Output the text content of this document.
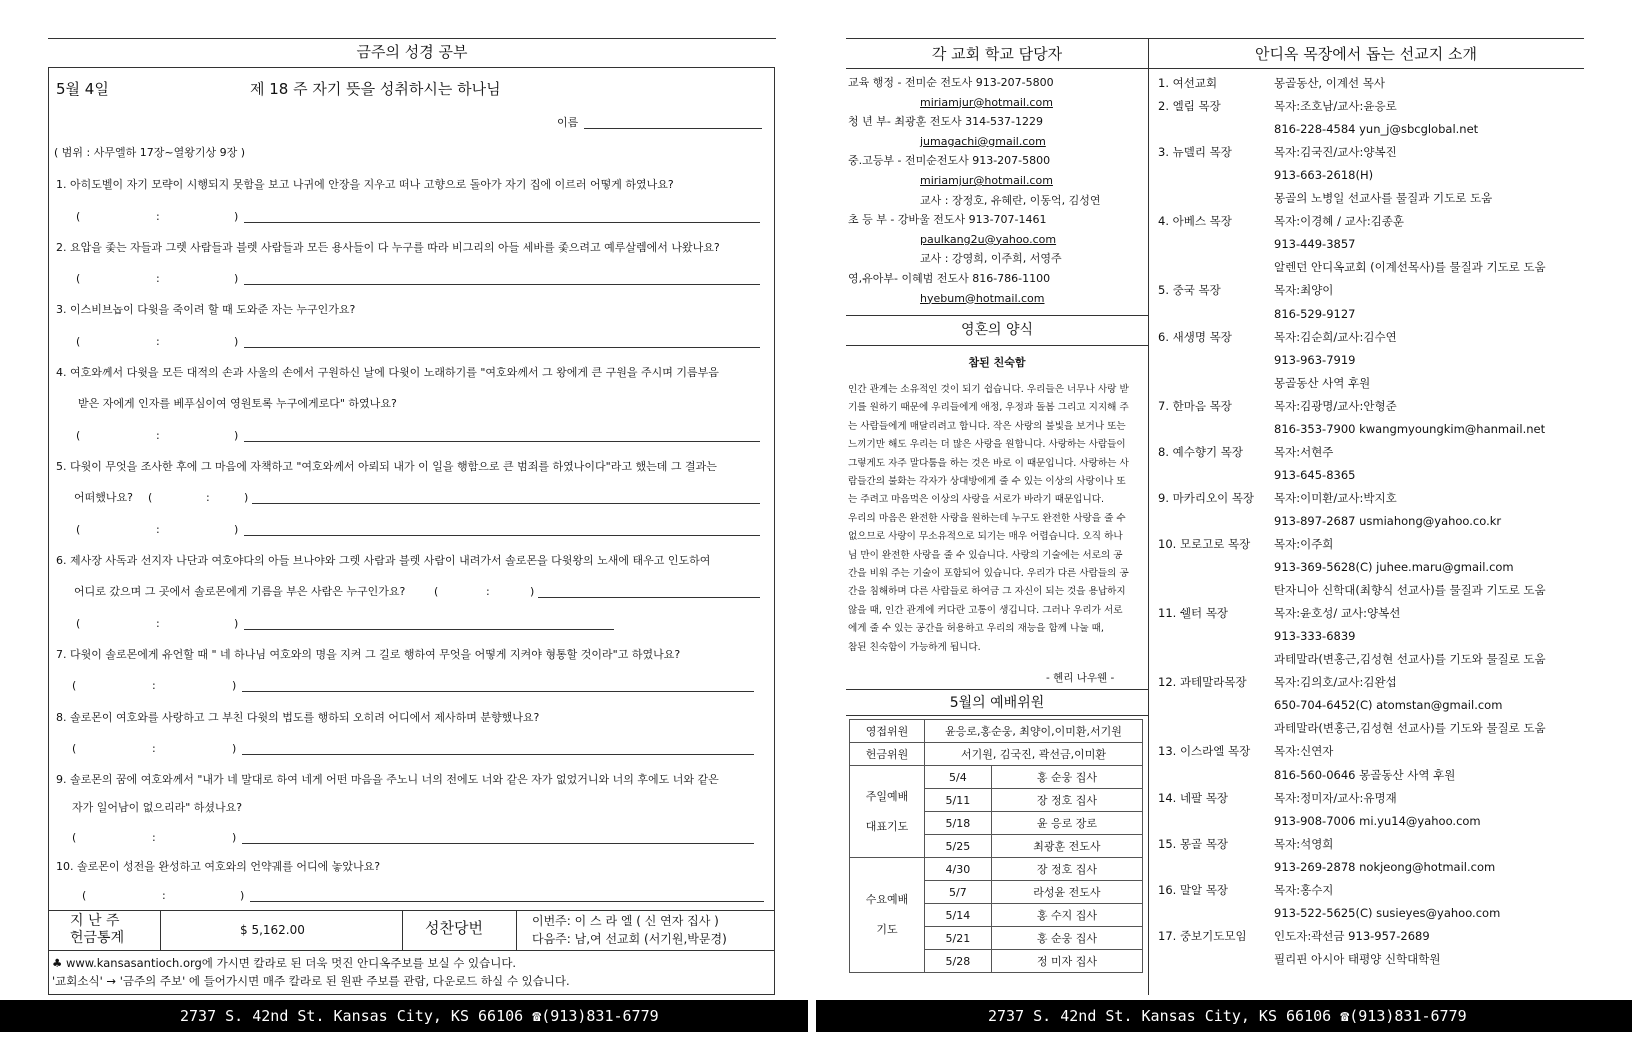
금주의 성경 공부
5월 4일	제 18 주 자기 뜻을 성취하시는 하나님
이름
( 범위 : 사무엘하 17장~열왕기상 9장 )
1. 아히도벨이 자기 모략이 시행되지 못함을 보고 나귀에 안장을 지우고 떠나 고향으로 돌아가 자기 집에 이르러 어떻게 하였나요?
(	:	)
2. 요압을 좇는 자들과 그렛 사람들과 블렛 사람들과 모든 용사들이 다 누구를 따라 비그리의 아들 세바를 좇으려고 예루살렘에서 나왔나요?
(	:	)
3. 이스비브놉이 다윗을 죽이려 할 때 도와준 자는 누구인가요?
(	:	)
4. 여호와께서 다윗을 모든 대적의 손과 사울의 손에서 구원하신 날에 다윗이 노래하기를 "여호와께서 그 왕에게 큰 구원을 주시며 기름부음
받은 자에게 인자를 베푸심이여 영원토록 누구에게로다" 하였나요?
(	:	)
5. 다윗이 무엇을 조사한 후에 그 마음에 자책하고 "여호와께서 아뢰되 내가 이 일을 행함으로 큰 범죄를 하였나이다"라고 했는데 그 결과는
어떠했나요? (	:	)
(	:	)
6. 제사장 사독과 선지자 나단과 여호야다의 아들 브나야와 그렛 사람과 블렛 사람이 내려가서 솔로몬을 다윗왕의 노새에 태우고 인도하여
어디로 갔으며 그 곳에서 솔로몬에게 기름을 부은 사람은 누구인가요?	(	:	)
(	:	)
7. 다윗이 솔로몬에게 유언할 때 " 네 하나님 여호와의 명을 지켜 그 길로 행하여 무엇을 어떻게 지켜야 형통할 것이라"고 하였나요?
(	:	)
8. 솔로몬이 여호와를 사랑하고 그 부친 다윗의 법도를 행하되 오히려 어디에서 제사하며 분향했나요?
(	:	)
9. 솔로몬의 꿈에 여호와께서 "내가 네 말대로 하여 네게 어떤 마음을 주노니 너의 전에도 너와 같은 자가 없었거니와 너의 후에도 너와 같은
자가 일어남이 없으리라" 하셨나요?
(	:	)
10. 솔로몬이 성전을 완성하고 여호와의 언약궤를 어디에 놓았나요?
(	:	)
지 난 주
헌금통계	$ 5,162.00	성찬당번	이번주: 이 스 라 엘 ( 신 연자 집사 )
다음주: 남,여 선교회 (서기원,박문경)
♣ www.kansasantioch.org에 가시면 칼라로 된 더욱 멋진 안디옥주보를 보실 수 있습니다.
'교회소식' → '금주의 주보' 에 들어가시면 매주 칼라로 된 원판 주보를 관람, 다운로드 하실 수 있습니다.
2737 S. 42nd St. Kansas City, KS 66106 ☎(913)831-6779
각 교회 학교 담당자	안디옥 목장에서 돕는 선교지 소개
교육 행정 - 전미순 전도사 913-207-5800
miriamjur@hotmail.com
청 년 부- 최광훈 전도사 314-537-1229
jumagachi@gmail.com
중.고등부 - 전미순전도사 913-207-5800
miriamjur@hotmail.com
교사 : 장정호, 유혜란, 이동억, 김성연
초 등 부 - 강바울 전도사 913-707-1461
paulkang2u@yahoo.com
교사 : 강영희, 이주희, 서영주
영,유아부- 이혜범 전도사 816-786-1100
hyebum@hotmail.com
영혼의 양식
참된 친숙함
인간 관계는 소유적인 것이 되기 쉽습니다. 우리들은 너무나 사랑 받
기를 원하기 때문에 우리들에게 애정, 우정과 돌봄 그리고 지지해 주
는 사람들에게 매달리려고 합니다. 작은 사랑의 불빛을 보거나 또는
느끼기만 해도 우리는 더 많은 사랑을 원합니다. 사랑하는 사람들이
그렇게도 자주 말다툼을 하는 것은 바로 이 때문입니다. 사랑하는 사
람들간의 불화는 각자가 상대방에게 줄 수 있는 이상의 사랑이나 또
는 주려고 마음먹은 이상의 사랑을 서로가 바라기 때문입니다.
우리의 마음은 완전한 사랑을 원하는데 누구도 완전한 사랑을 줄 수
없으므로 사랑이 무소유적으로 되기는 매우 어렵습니다. 오직 하나
님 만이 완전한 사랑을 줄 수 있습니다. 사랑의 기술에는 서로의 공
간을 비워 주는 기술이 포함되어 있습니다. 우리가 다른 사람들의 공
간을 침해하며 다른 사람들로 하여금 그 자신이 되는 것을 용납하지
않을 때, 인간 관계에 커다란 고통이 생깁니다. 그러나 우리가 서로
에게 줄 수 있는 공간을 허용하고 우리의 재능을 함께 나눌 때,
참된 친숙함이 가능하게 됩니다.
- 헨리 나우웬 -
5월의 예배위원
영접위원	윤응로,홍순웅, 최양이,이미환,서기원	
헌금위원	서기원, 김국진, 곽선금,이미환	

주일예배
대표기도	5/4	홍 순웅 집사
	5/11	장 정호 집사
	5/18	윤 응로 장로
	5/25	최광훈 전도사

수요예배
기도	4/30	장 정호 집사
	5/7	라성윤 전도사
	5/14	홍 수지 집사
	5/21	홍 순웅 집사
	5/28	정 미자 집사
1. 여선교회	몽골동산, 이계선 목사
2. 엘림 목장	목자:조호남/교사:윤응로
816-228-4584 yun_j@sbcglobal.net
3. 뉴델리 목장	목자:김국진/교사:양복진
913-663-2618(H)
몽골의 노병일 선교사를 물질과 기도로 도움
4. 아베스 목장	목자:이경혜 / 교사:김종훈
913-449-3857
알렌던 안디옥교회 (이계선목사)를 물질과 기도로 도움
5. 중국 목장	목자:최양이
816-529-9127
6. 새생명 목장	목자:김순희/교사:김수연
913-963-7919
몽골동산 사역 후원
7. 한마음 목장	목자:김광명/교사:안형준
816-353-7900 kwangmyoungkim@hanmail.net
8. 예수향기 목장	목자:서현주
913-645-8365
9. 마카리오이 목장 목자:이미환/교사:박지호
913-897-2687 usmiahong@yahoo.co.kr
10. 모로고로 목장 목자:이주희
913-369-5628(C) juhee.maru@gmail.com
탄자니아 신학대(최향식 선교사)를 물질과 기도로 도움
11. 쉘터 목장	목자:윤호성/ 교사:양복선
913-333-6839
과테말라(변홍근,김성현 선교사)를 기도와 물질로 도움
12. 과테말라목장 목자:김의호/교사:김완섭
650-704-6452(C) atomstan@gmail.com
과테말라(변홍근,김성현 선교사)를 기도와 물질로 도움
13. 이스라엘 목장 목자:신연자
816-560-0646 몽골동산 사역 후원
14. 네팔 목장	목자:정미자/교사:유명재
913-908-7006 mi.yu14@yahoo.com
15. 몽골 목장	목자:석영희
913-269-2878 nokjeong@hotmail.com
16. 말알 목장	목자:홍수지
913-522-5625(C) susieyes@yahoo.com
17. 중보기도모임 인도자:곽선금 913-957-2689
필리핀 아시아 태평양 신학대학원
2737 S. 42nd St. Kansas City, KS 66106 ☎(913)831-6779
